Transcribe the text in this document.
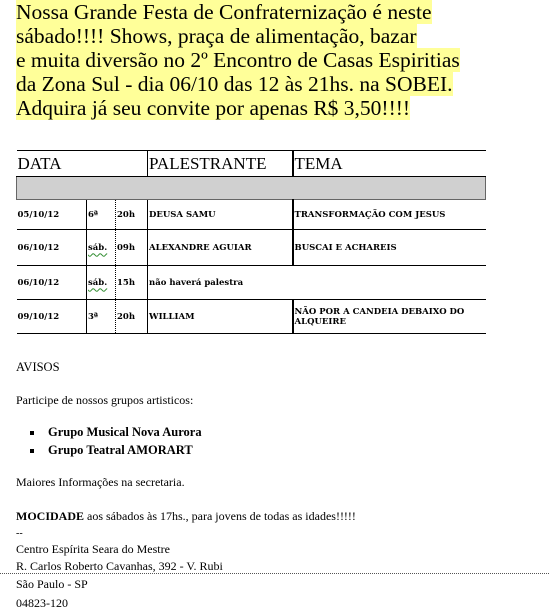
Nossa Grande Festa de Confraternização é neste
sábado!!!! Shows, praça de alimentação, bazar
e muita diversão no 2º Encontro de Casas Espiritias
da Zona Sul - dia 06/10 das 12 às 21hs. na SOBEI.
Adquira já seu convite por apenas R$ 3,50!!!!
DATA			PALESTRANTE	TEMA

05/10/12	6ª	20h	DEUSA SAMU	TRANSFORMAÇÃO COM JESUS
06/10/12	sáb.	09h	ALEXANDRE AGUIAR	BUSCAI E ACHAREIS
06/10/12	sáb.	15h	não haverá palestra	
09/10/12	3ª	20h	WILLIAM	NÃO POR A CANDEIA DEBAIXO DO ALQUEIRE
AVISOS
Participe de nossos grupos artisticos:
Grupo Musical Nova Aurora
Grupo Teatral AMORART
Maiores Informações na secretaria.
MOCIDADE aos sábados às 17hs., para jovens de todas as idades!!!!!
--
Centro Espírita Seara do Mestre
R. Carlos Roberto Cavanhas, 392 - V. Rubi
São Paulo - SP
04823-120
